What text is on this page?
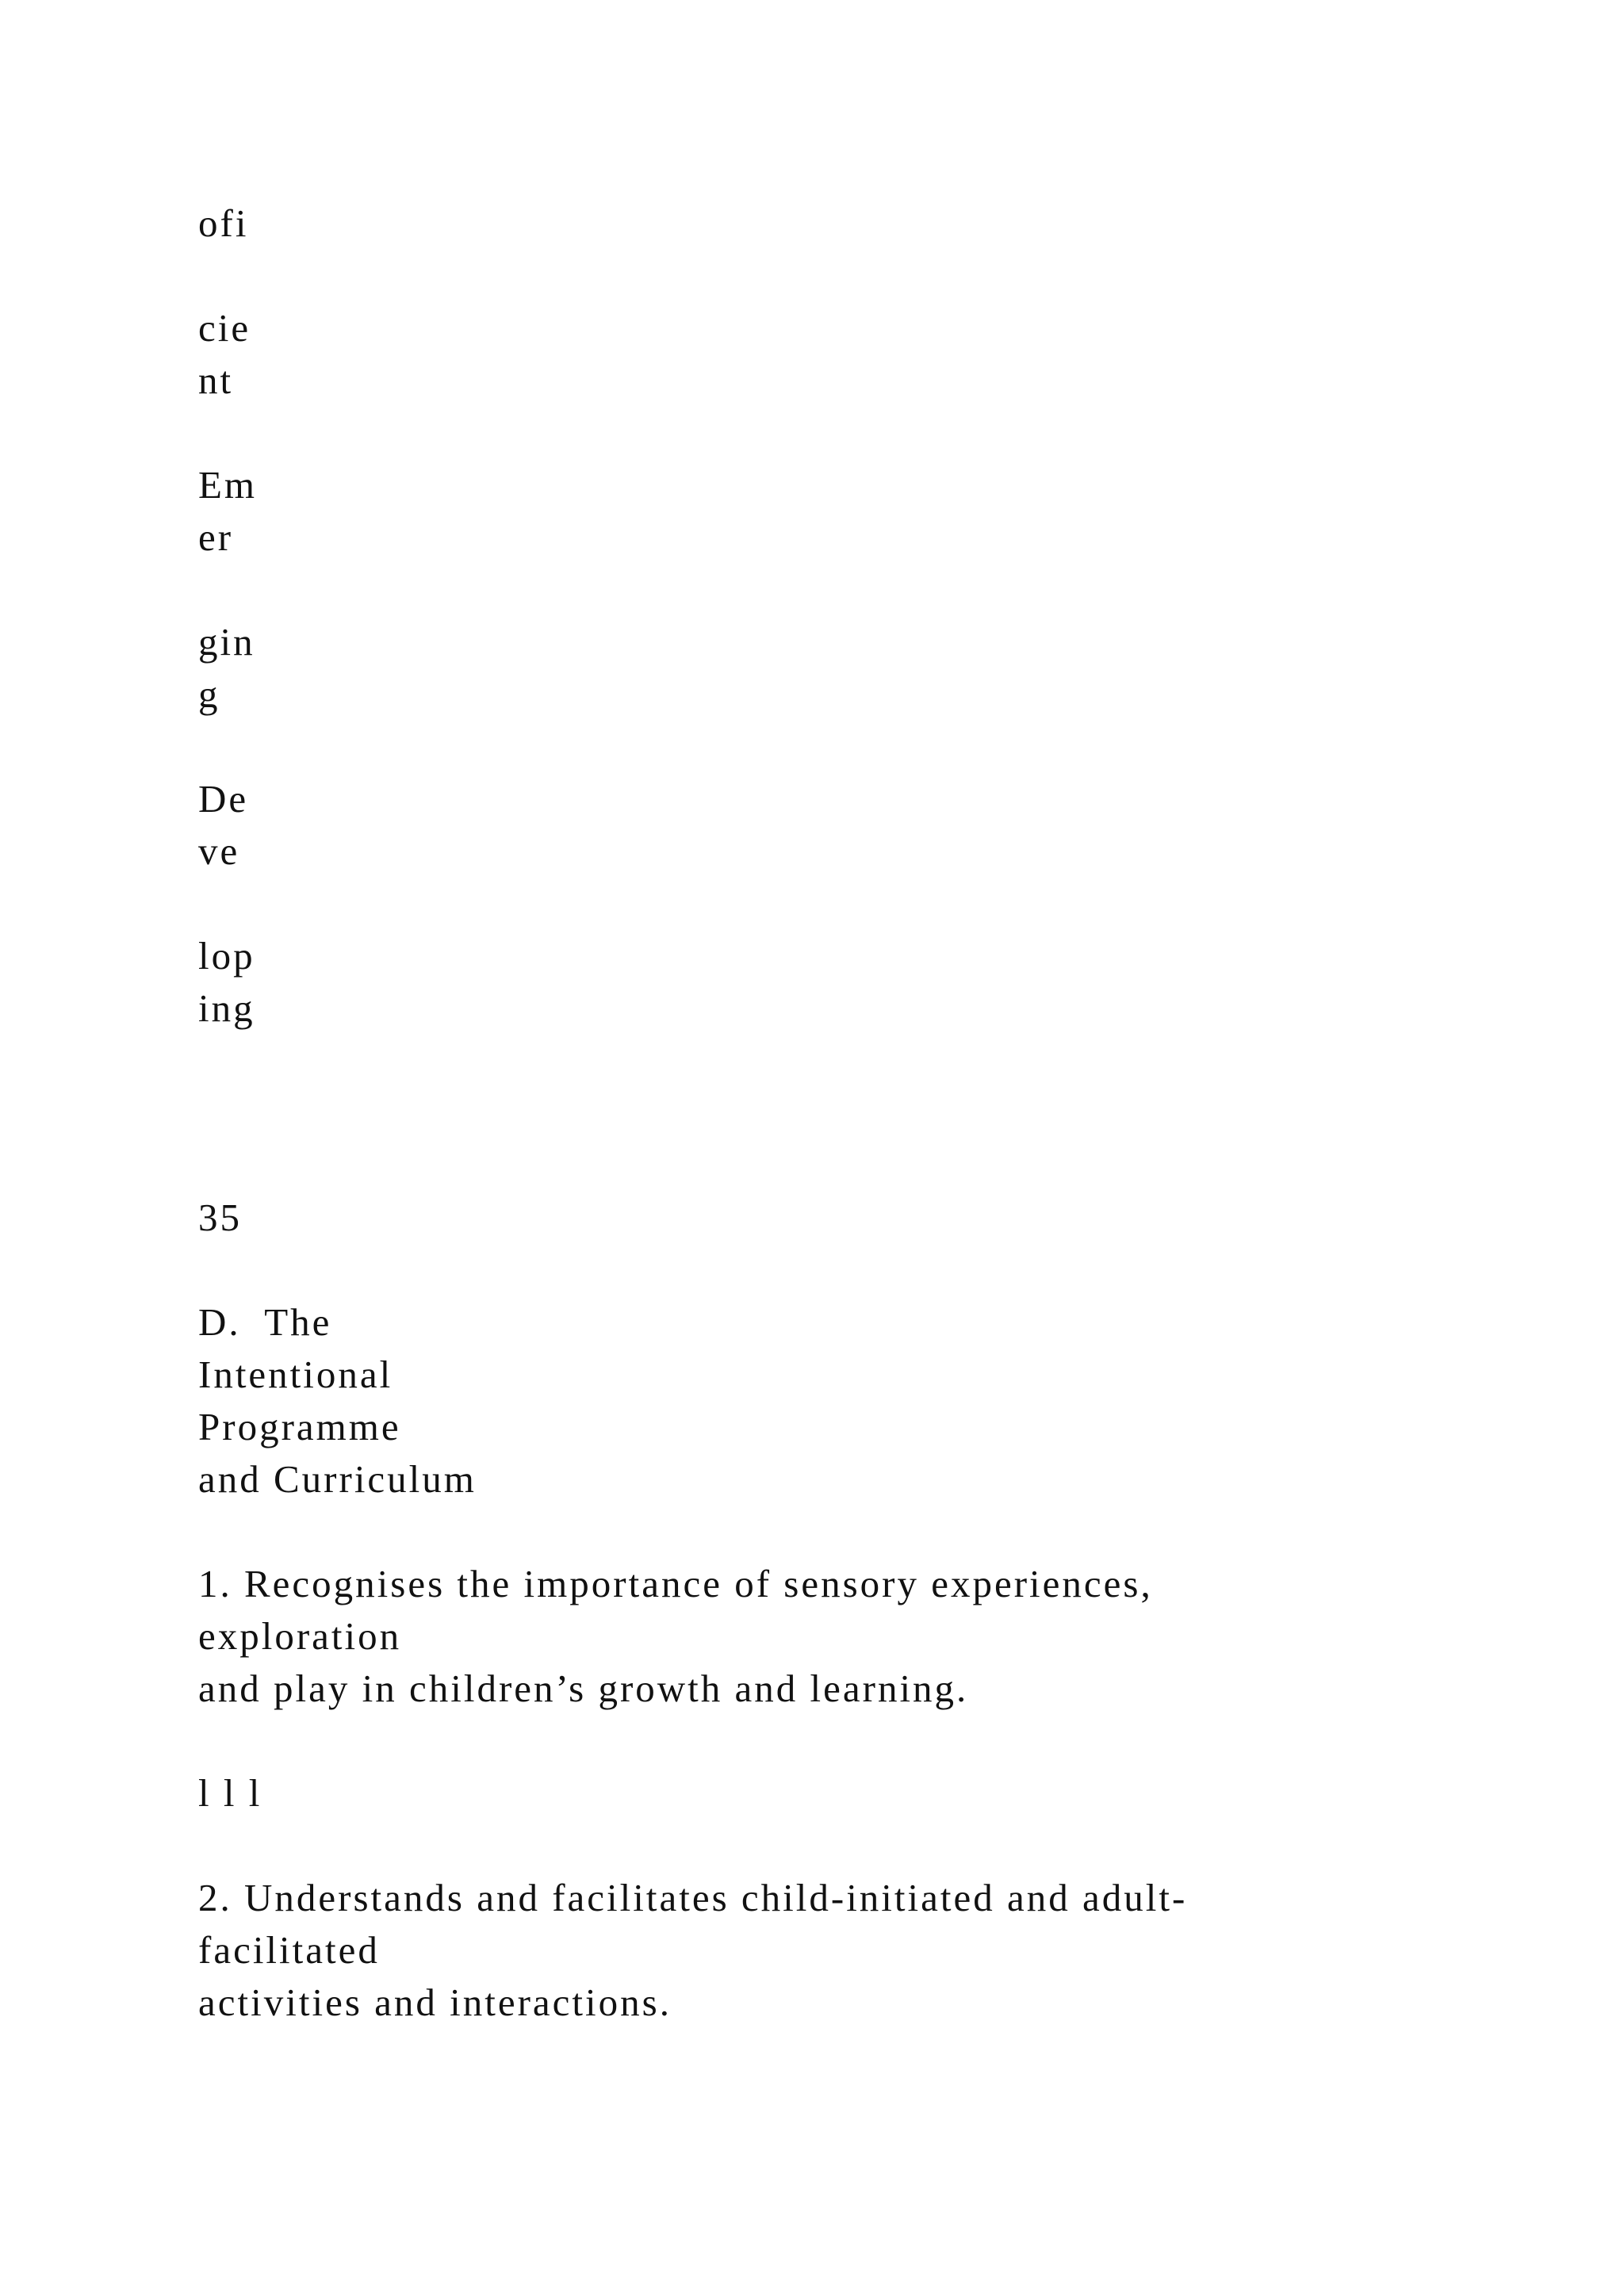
ofi
cie
nt
Em
er
gin
g
De
ve
lop
ing
35
D.  The
Intentional
Programme
and Curriculum
1. Recognises the importance of sensory experiences,
exploration
and play in children’s growth and learning.
l l l
2. Understands and facilitates child-initiated and adult-
facilitated
activities and interactions.
